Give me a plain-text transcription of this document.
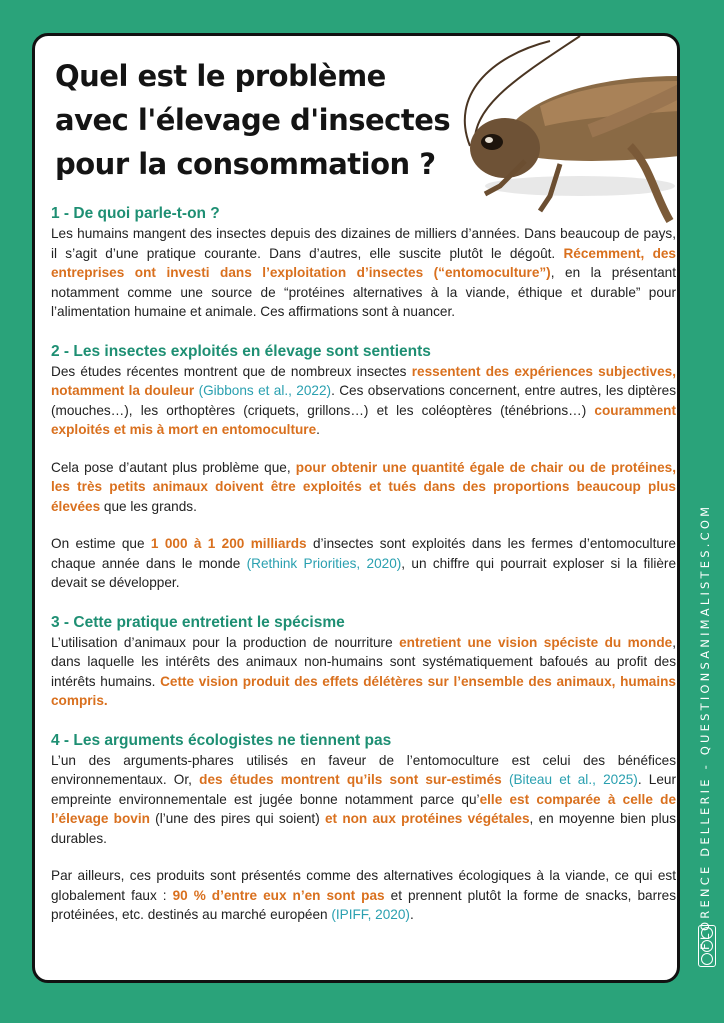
Quel est le problème avec l'élevage d'insectes pour la consommation ?
1 - De quoi parle-t-on ?

Les humains mangent des insectes depuis des dizaines de milliers d’années. Dans beaucoup de pays, il s’agit d’une pratique courante. Dans d’autres, elle suscite plutôt le dégoût. Récemment, des entreprises ont investi dans l’exploitation d’insectes (“entomoculture”), en la présentant notamment comme une source de “protéines alternatives à la viande, éthique et durable” pour l’alimentation humaine et animale. Ces affirmations sont à nuancer.

2 - Les insectes exploités en élevage sont sentients

Des études récentes montrent que de nombreux insectes ressentent des expériences subjectives, notamment la douleur (Gibbons et al., 2022). Ces observations concernent, entre autres, les diptères (mouches…), les orthoptères (criquets, grillons…) et les coléoptères (ténébrions…) couramment exploités et mis à mort en entomoculture.

Cela pose d’autant plus problème que, pour obtenir une quantité égale de chair ou de protéines, les très petits animaux doivent être exploités et tués dans des proportions beaucoup plus élevées que les grands.

On estime que 1 000 à 1 200 milliards d’insectes sont exploités dans les fermes d’entomoculture chaque année dans le monde (Rethink Priorities, 2020), un chiffre qui pourrait exploser si la filière devait se développer.

3 - Cette pratique entretient le spécisme

L’utilisation d’animaux pour la production de nourriture entretient une vision spéciste du monde, dans laquelle les intérêts des animaux non-humains sont systématiquement bafoués au profit des intérêts humains. Cette vision produit des effets délétères sur l’ensemble des animaux, humains compris.

4 - Les arguments écologistes ne tiennent pas

L’un des arguments-phares utilisés en faveur de l’entomoculture est celui des bénéfices environnementaux. Or, des études montrent qu’ils sont sur-estimés (Biteau et al., 2025). Leur empreinte environnementale est jugée bonne notamment parce qu’elle est comparée à celle de l’élevage bovin (l’une des pires qui soient) et non aux protéines végétales, en moyenne bien plus durables.

Par ailleurs, ces produits sont présentés comme des alternatives écologiques à la viande, ce qui est globalement faux : 90 % d’entre eux n’en sont pas et prennent plutôt la forme de snacks, barres protéinées, etc. destinés au marché européen (IPIFF, 2020).	FLORENCE DELLERIE - QUESTIONSANIMALISTES.COM
